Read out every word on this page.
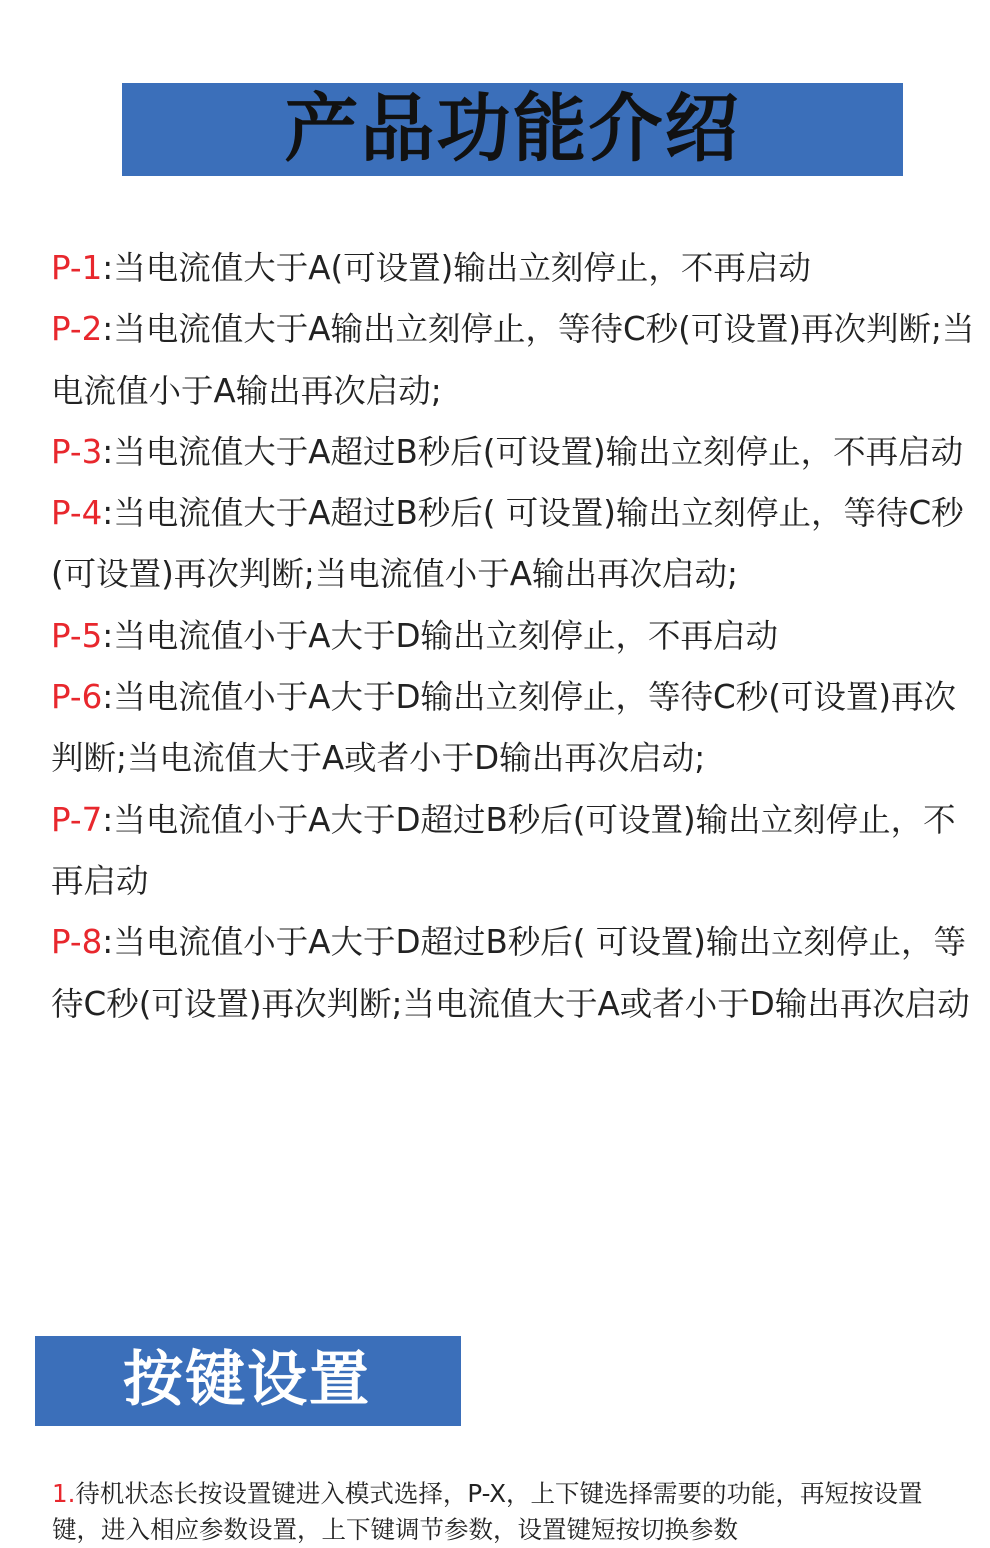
产品功能介绍
P-1:当电流值大于A(可设置)输出立刻停止，不再启动
P-2:当电流值大于A输出立刻停止，等待C秒(可设置)再次判断;当电流值小于A输出再次启动;
P-3:当电流值大于A超过B秒后(可设置)输出立刻停止，不再启动
P-4:当电流值大于A超过B秒后( 可设置)输出立刻停止，等待C秒(可设置)再次判断;当电流值小于A输出再次启动;
P-5:当电流值小于A大于D输出立刻停止，不再启动
P-6:当电流值小于A大于D输出立刻停止，等待C秒(可设置)再次判断;当电流值大于A或者小于D输出再次启动;
P-7:当电流值小于A大于D超过B秒后(可设置)输出立刻停止，不再启动
P-8:当电流值小于A大于D超过B秒后( 可设置)输出立刻停止，等待C秒(可设置)再次判断;当电流值大于A或者小于D输出再次启动
按键设置

1.待机状态长按设置键进入模式选择，P-X，上下键选择需要的功能，再短按设置键，进入相应参数设置，上下键调节参数，设置键短按切换参数
